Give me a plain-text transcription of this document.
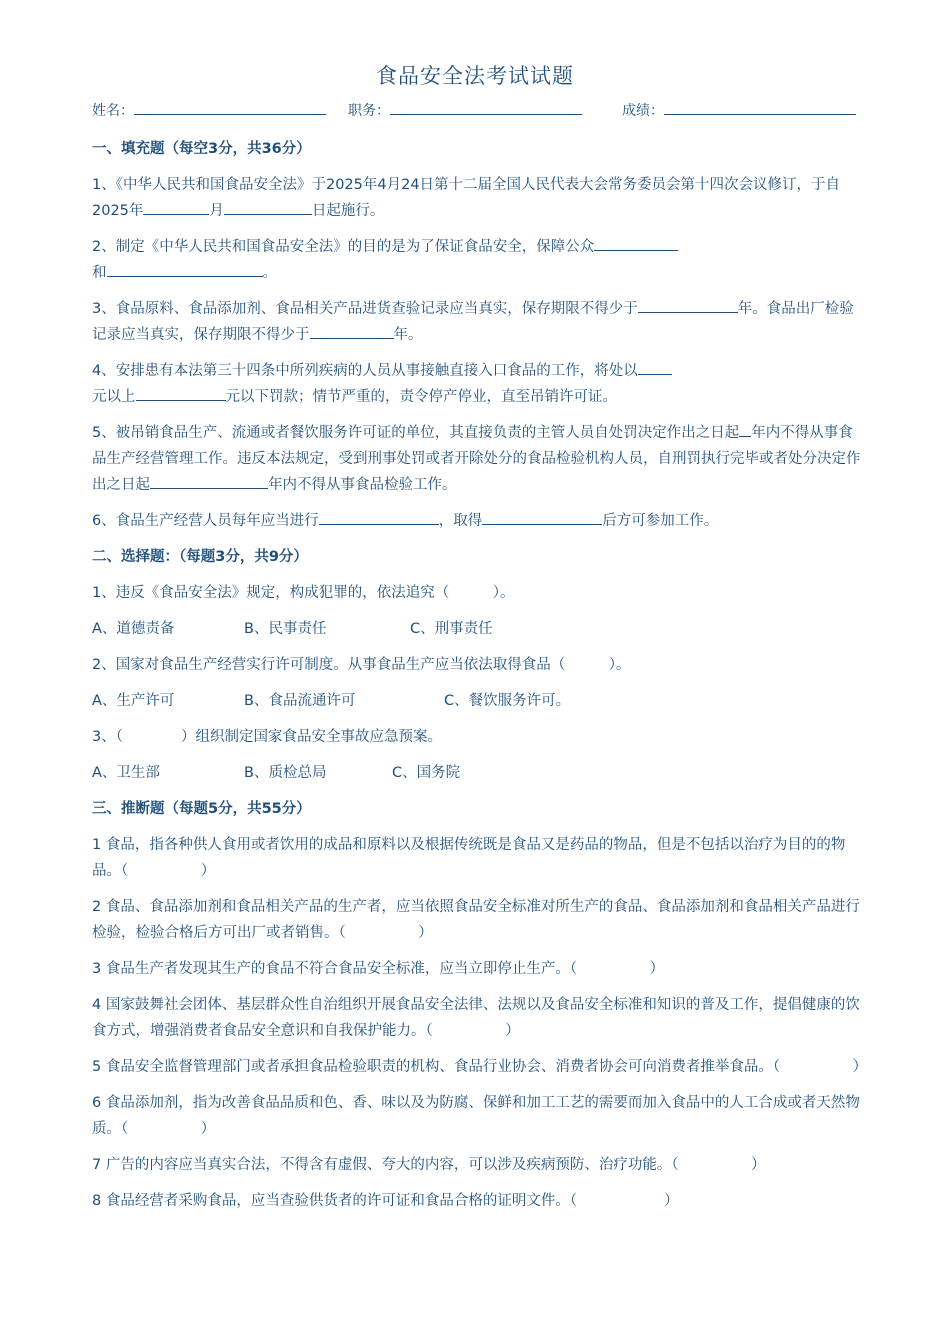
食品安全法考试试题
姓名：	职务：	成绩：
一、填充题（每空3分，共36分）
1、《中华人民共和国食品安全法》于2025年4月24日第十二届全国人民代表大会常务委员会第十四次会议修订，于自2025年	月	日起施行。
2、制定《中华人民共和国食品安全法》的目的是为了保证食品安全，保障公众
和	。
3、食品原料、食品添加剂、食品相关产品进货查验记录应当真实，保存期限不得少于	年。食品出厂检验记录应当真实，保存期限不得少于	年。
4、安排患有本法第三十四条中所列疾病的人员从事接触直接入口食品的工作，将处以
元以上	元以下罚款；情节严重的，责令停产停业，直至吊销许可证。
5、被吊销食品生产、流通或者餐饮服务许可证的单位，其直接负责的主管人员自处罚决定作出之日起 年内不得从事食品生产经营管理工作。违反本法规定，受到刑事处罚或者开除处分的食品检验机构人员，自刑罚执行完毕或者处分决定作出之日起	年内不得从事食品检验工作。
6、食品生产经营人员每年应当进行	，取得	后方可参加工作。
二、选择题：（每题3分，共9分）
1、违反《食品安全法》规定，构成犯罪的，依法追究（　　　）。
A、道德责备	B、民事责任	C、刑事责任
2、国家对食品生产经营实行许可制度。从事食品生产应当依法取得食品（　　　）。
A、生产许可	B、食品流通许可	C、餐饮服务许可。
3、（　　　　）组织制定国家食品安全事故应急预案。
A、卫生部	B、质检总局	C、国务院
三、推断题（每题5分，共55分）
1 食品，指各种供人食用或者饮用的成品和原料以及根据传统既是食品又是药品的物品，但是不包括以治疗为目的的物品。（　　　　　）
2 食品、食品添加剂和食品相关产品的生产者，应当依照食品安全标准对所生产的食品、食品添加剂和食品相关产品进行检验，检验合格后方可出厂或者销售。（　　　　　）
3 食品生产者发现其生产的食品不符合食品安全标准，应当立即停止生产。（　　　　　）
4 国家鼓舞社会团体、基层群众性自治组织开展食品安全法律、法规以及食品安全标准和知识的普及工作，提倡健康的饮食方式，增强消费者食品安全意识和自我保护能力。（　　　　　）
5 食品安全监督管理部门或者承担食品检验职责的机构、食品行业协会、消费者协会可向消费者推举食品。（　　　　　）
6 食品添加剂，指为改善食品品质和色、香、味以及为防腐、保鲜和加工工艺的需要而加入食品中的人工合成或者天然物质。（　　　　　）
7 广告的内容应当真实合法，不得含有虚假、夸大的内容，可以涉及疾病预防、治疗功能。（　　　　　）
8 食品经营者采购食品，应当查验供货者的许可证和食品合格的证明文件。（　　　　　　）
